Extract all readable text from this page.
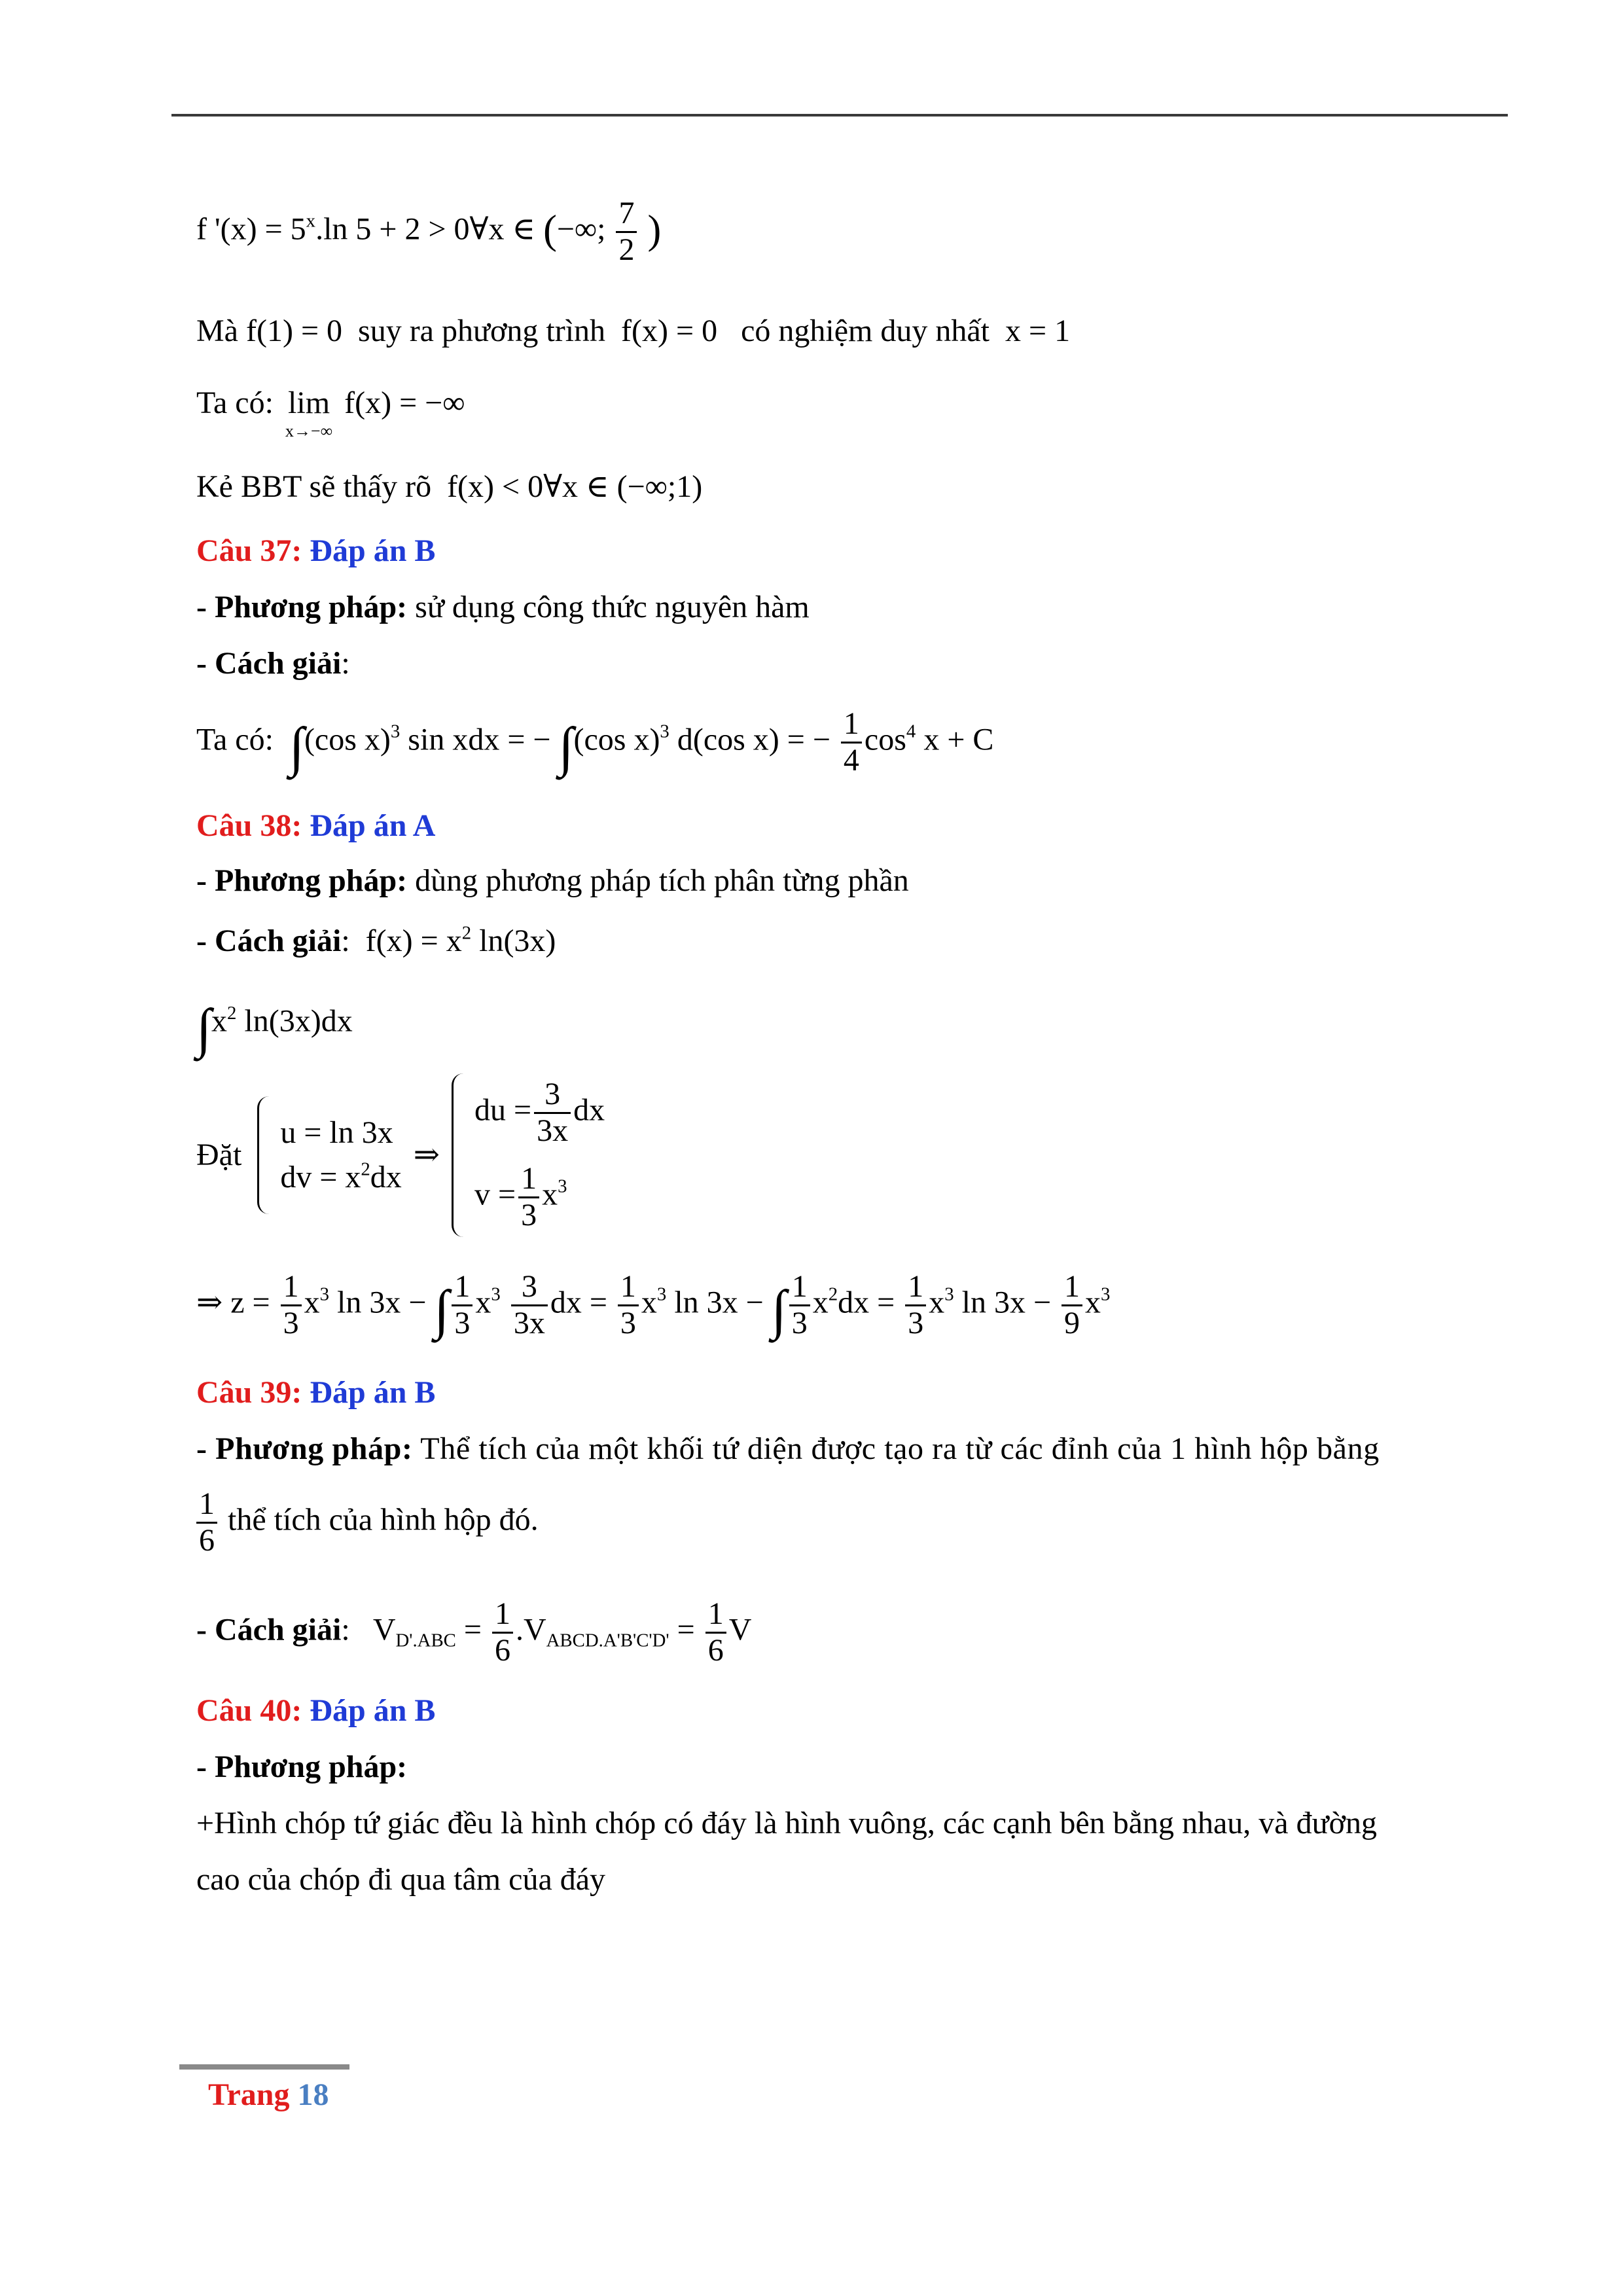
f '$(x) = 5^x.\ln$ 5 + 2 > 0∀x ∈ (−∞; $\frac{7}{2}$ )
Mà f(1) = 0 suy ra phương trình f(x) = 0 có nghiệm duy nhất x = 1
Ta có: lim
x→−∞
f(x) = −∞
Kẻ BBT sẽ thấy rõ f(x) < 0∀x ∈ (−∞;1)
Câu 37: Đáp án B
- Phương pháp: sử dụng công thức nguyên hàm
- Cách giải:
Ta có: ∫(cos x)$^3$ sin xdx = − ∫(cos x)$^3$ d(cos x) = − $\frac{1}{4} \cos^4 x + C$
Câu 38: Đáp án A
- Phương pháp: dùng phương pháp tích phân từng phần
- Cách giải: $f(x) = x^2$ ln(3x)
$\int x^2$ ln(3x)dx
Đặt
u = ln 3x
dv = $x^2dx$
⇒
du = $\frac{3}{3x}$ dx
$v = \frac{1}{3} x^3$
⇒ $z = \frac{1}{3} x^3$ ln 3x − ∫ $\frac{1}{3} x^3 \frac{3}{3x}$ dx = $\frac{1}{3} x^3$ ln 3x − ∫ $\frac{1}{3} x^2dx = \frac{1}{3} x^3$ $\ln 3x - \frac{1}{9} x^3$
Câu 39: Đáp án B
- Phương pháp: Thể tích của một khối tứ diện được tạo ra từ các đỉnh của 1 hình hộp bằng
$\frac{1}{6}$ thể tích của hình hộp đó.
- Cách giải: $V_{D'.ABC} = \frac{1}{6} .V_{ABCD.A'B'C'D'} = \frac{1}{6}$ V
Câu 40: Đáp án B
- Phương pháp:
+Hình chóp tứ giác đều là hình chóp có đáy là hình vuông, các cạnh bên bằng nhau, và đường
cao của chóp đi qua tâm của đáy
Trang 18
